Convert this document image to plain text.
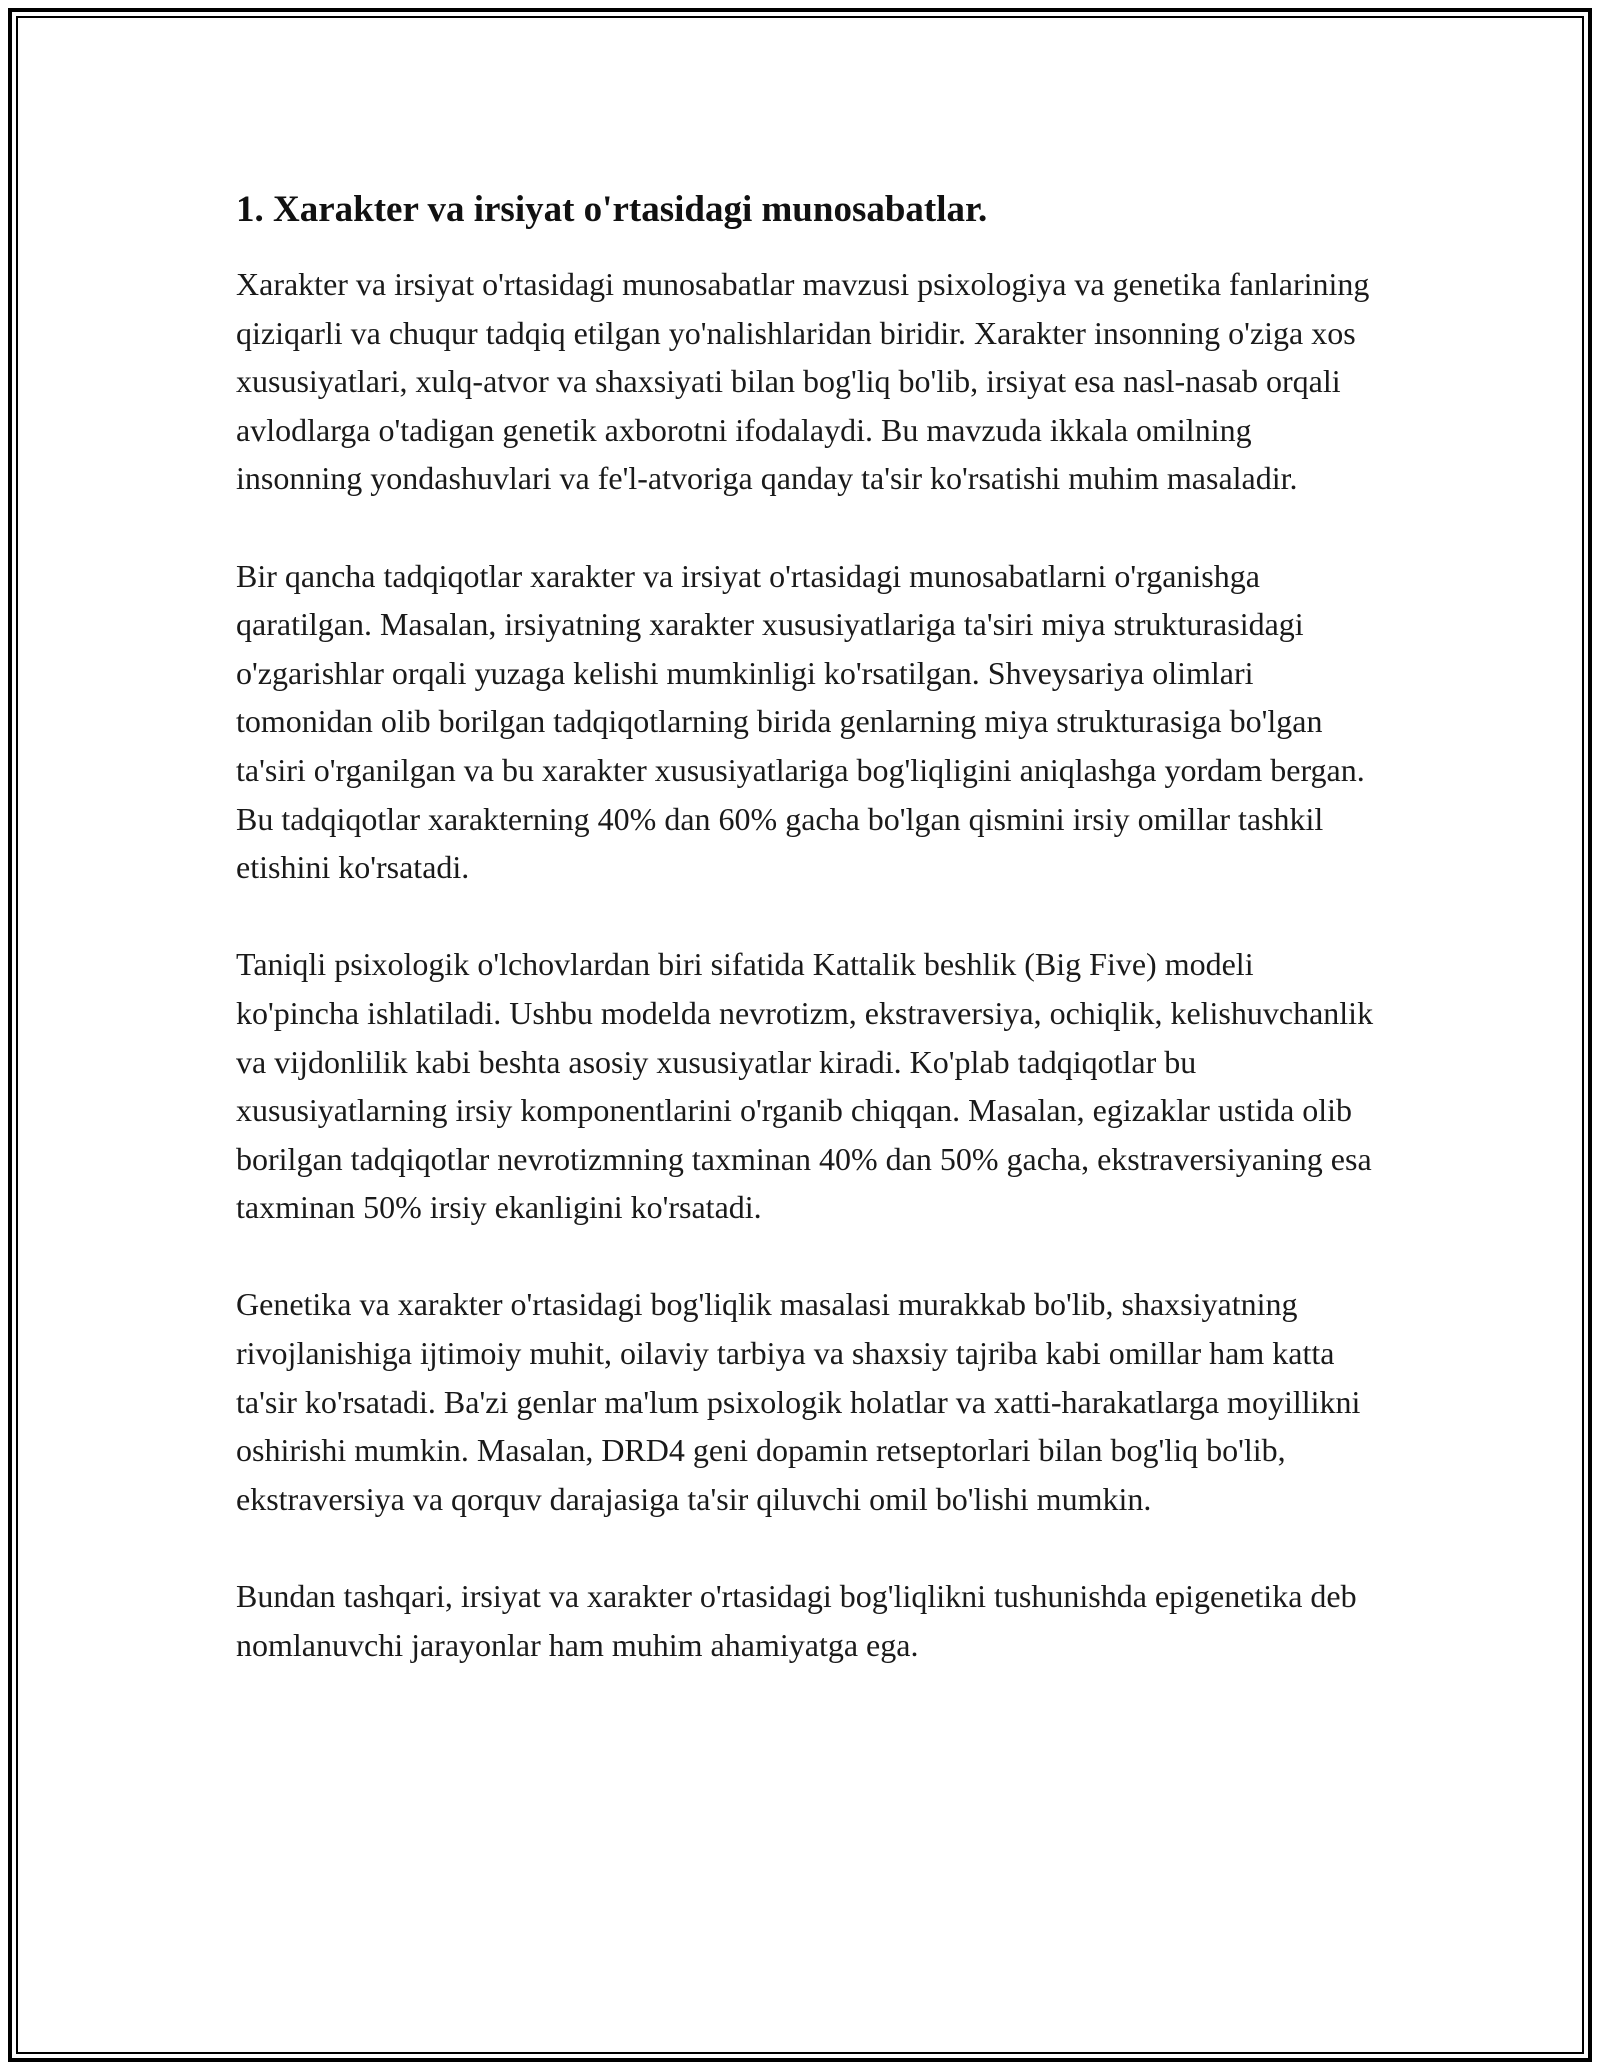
1. Xarakter va irsiyat o'rtasidagi munosabatlar.

Xarakter va irsiyat o'rtasidagi munosabatlar mavzusi psixologiya va genetika fanlarining qiziqarli va chuqur tadqiq etilgan yo'nalishlaridan biridir. Xarakter insonning o'ziga xos xususiyatlari, xulq-atvor va shaxsiyati bilan bog'liq bo'lib, irsiyat esa nasl-nasab orqali avlodlarga o'tadigan genetik axborotni ifodalaydi. Bu mavzuda ikkala omilning insonning yondashuvlari va fe'l-atvoriga qanday ta'sir ko'rsatishi muhim masaladir.

Bir qancha tadqiqotlar xarakter va irsiyat o'rtasidagi munosabatlarni o'rganishga qaratilgan. Masalan, irsiyatning xarakter xususiyatlariga ta'siri miya strukturasidagi o'zgarishlar orqali yuzaga kelishi mumkinligi ko'rsatilgan. Shveysariya olimlari tomonidan olib borilgan tadqiqotlarning birida genlarning miya strukturasiga bo'lgan ta'siri o'rganilgan va bu xarakter xususiyatlariga bog'liqligini aniqlashga yordam bergan. Bu tadqiqotlar xarakterning 40% dan 60% gacha bo'lgan qismini irsiy omillar tashkil etishini ko'rsatadi.

Taniqli psixologik o'lchovlardan biri sifatida Kattalik beshlik (Big Five) modeli ko'pincha ishlatiladi. Ushbu modelda nevrotizm, ekstraversiya, ochiqlik, kelishuvchanlik va vijdonlilik kabi beshta asosiy xususiyatlar kiradi. Ko'plab tadqiqotlar bu xususiyatlarning irsiy komponentlarini o'rganib chiqqan. Masalan, egizaklar ustida olib borilgan tadqiqotlar nevrotizmning taxminan 40% dan 50% gacha, ekstraversiyaning esa taxminan 50% irsiy ekanligini ko'rsatadi.

Genetika va xarakter o'rtasidagi bog'liqlik masalasi murakkab bo'lib, shaxsiyatning rivojlanishiga ijtimoiy muhit, oilaviy tarbiya va shaxsiy tajriba kabi omillar ham katta ta'sir ko'rsatadi. Ba'zi genlar ma'lum psixologik holatlar va xatti-harakatlarga moyillikni oshirishi mumkin. Masalan, DRD4 geni dopamin retseptorlari bilan bog'liq bo'lib, ekstraversiya va qorquv darajasiga ta'sir qiluvchi omil bo'lishi mumkin.

Bundan tashqari, irsiyat va xarakter o'rtasidagi bog'liqlikni tushunishda epigenetika deb nomlanuvchi jarayonlar ham muhim ahamiyatga ega.
